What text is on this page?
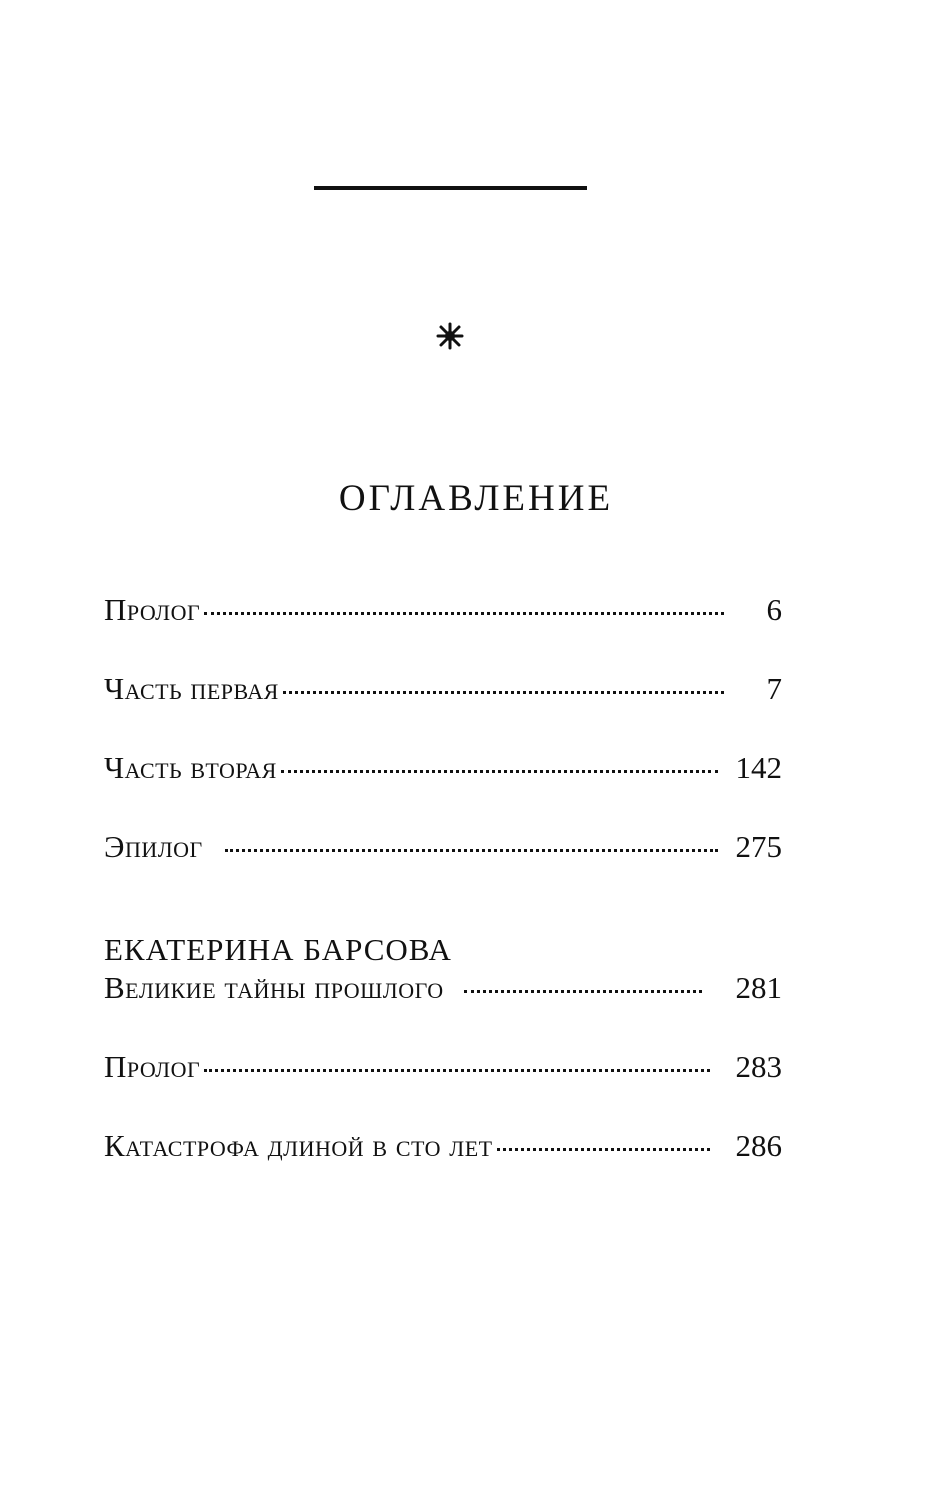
ОГЛАВЛЕНИЕ
Пролог	6
Часть первая	7
Часть вторая	142
Эпилог	275
ЕКАТЕРИНА БАРСОВА
Великие тайны прошлого	281
Пролог	283
Катастрофа длиной в сто лет	286
